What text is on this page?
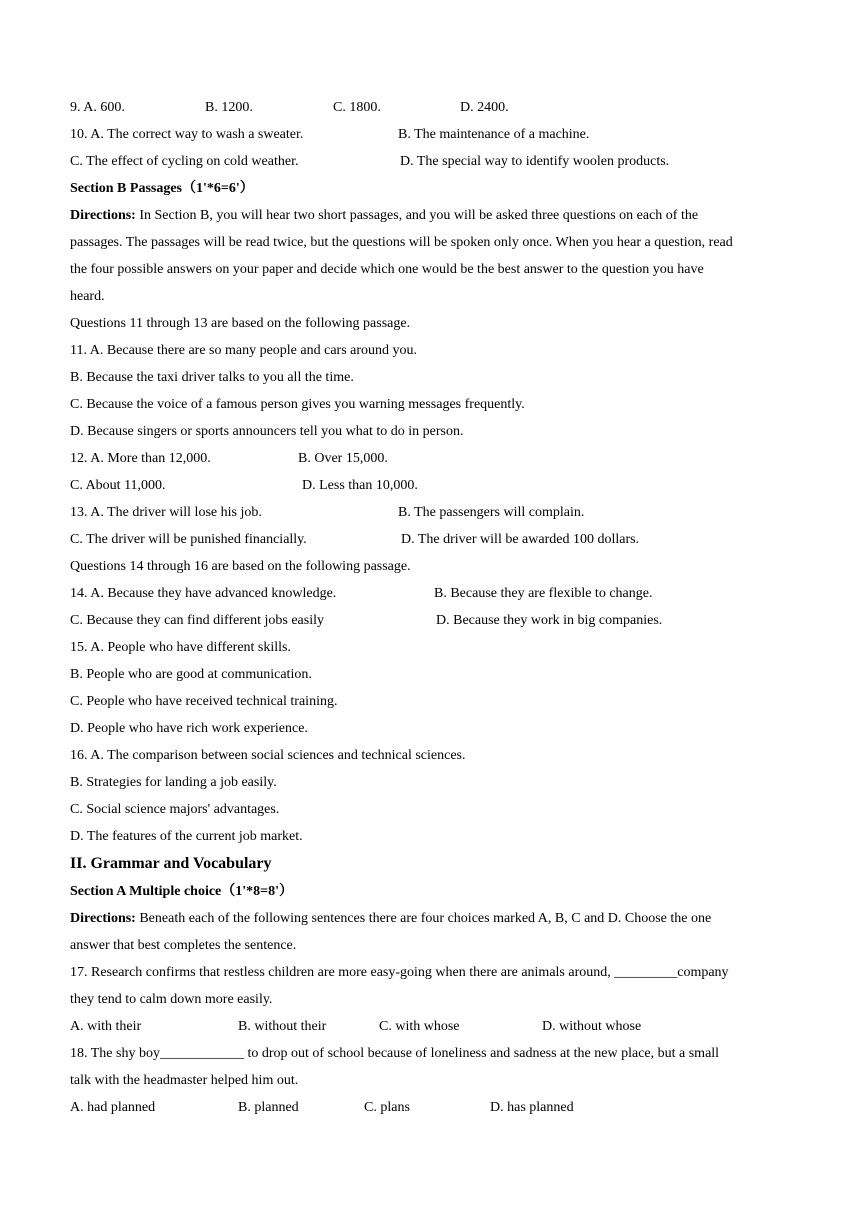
9. A. 600.	B. 1200.	C. 1800.	D. 2400.
10. A. The correct way to wash a sweater.	B. The maintenance of a machine.
C. The effect of cycling on cold weather.	D. The special way to identify woolen products.
Section B Passages（1'*6=6'）
Directions: In Section B, you will hear two short passages, and you will be asked three questions on each of the
passages. The passages will be read twice, but the questions will be spoken only once. When you hear a question, read
the four possible answers on your paper and decide which one would be the best answer to the question you have
heard.
Questions 11 through 13 are based on the following passage.
11. A. Because there are so many people and cars around you.
B. Because the taxi driver talks to you all the time.
C. Because the voice of a famous person gives you warning messages frequently.
D. Because singers or sports announcers tell you what to do in person.
12. A. More than 12,000.	B. Over 15,000.
C. About 11,000.	D. Less than 10,000.
13. A. The driver will lose his job.	B. The passengers will complain.
C. The driver will be punished financially.	D. The driver will be awarded 100 dollars.
Questions 14 through 16 are based on the following passage.
14. A. Because they have advanced knowledge.	B. Because they are flexible to change.
C. Because they can find different jobs easily	D. Because they work in big companies.
15. A. People who have different skills.
B. People who are good at communication.
C. People who have received technical training.
D. People who have rich work experience.
16. A. The comparison between social sciences and technical sciences.
B. Strategies for landing a job easily.
C. Social science majors' advantages.
D. The features of the current job market.
II. Grammar and Vocabulary
Section A Multiple choice（1'*8=8'）
Directions: Beneath each of the following sentences there are four choices marked A, B, C and D. Choose the one
answer that best completes the sentence.
17. Research confirms that restless children are more easy-going when there are animals around, _________company
they tend to calm down more easily.
A. with their	B. without their	C. with whose	D. without whose
18. The shy boy____________ to drop out of school because of loneliness and sadness at the new place, but a small
talk with the headmaster helped him out.
A. had planned	B. planned	C. plans	D. has planned
